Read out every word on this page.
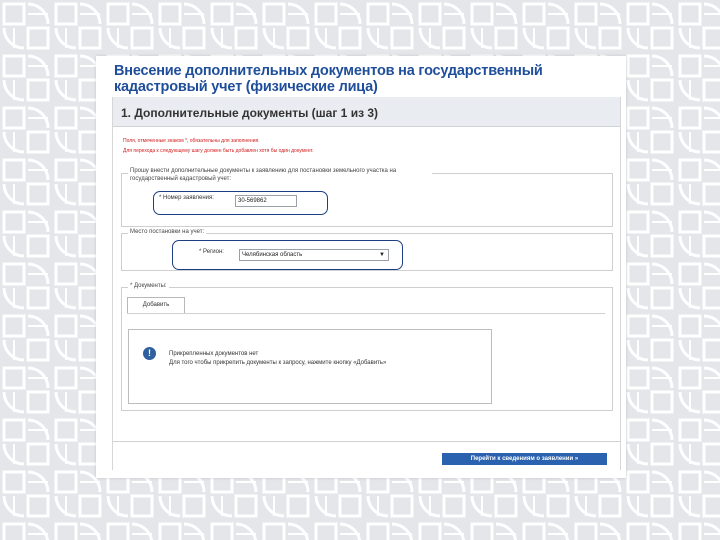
Внесение дополнительных документов на государственный кадастровый учет (физические лица)
1. Дополнительные документы (шаг 1 из 3)
Поля, отмеченные знаком *, обязательны для заполнения.
Для перехода к следующему шагу должен быть добавлен хотя бы один документ.
Прошу внести дополнительные документы к заявлению для постановки земельного участка на государственный кадастровый учет:
* Номер заявления:	30-569862
Место постановки на учет:
* Регион:	Челябинская область	▼
* Документы:
Добавить
!	Прикрепленных документов нет
Для того чтобы прикрепить документы к запросу, нажмите кнопку «Добавить»
Перейти к сведениям о заявлении »
